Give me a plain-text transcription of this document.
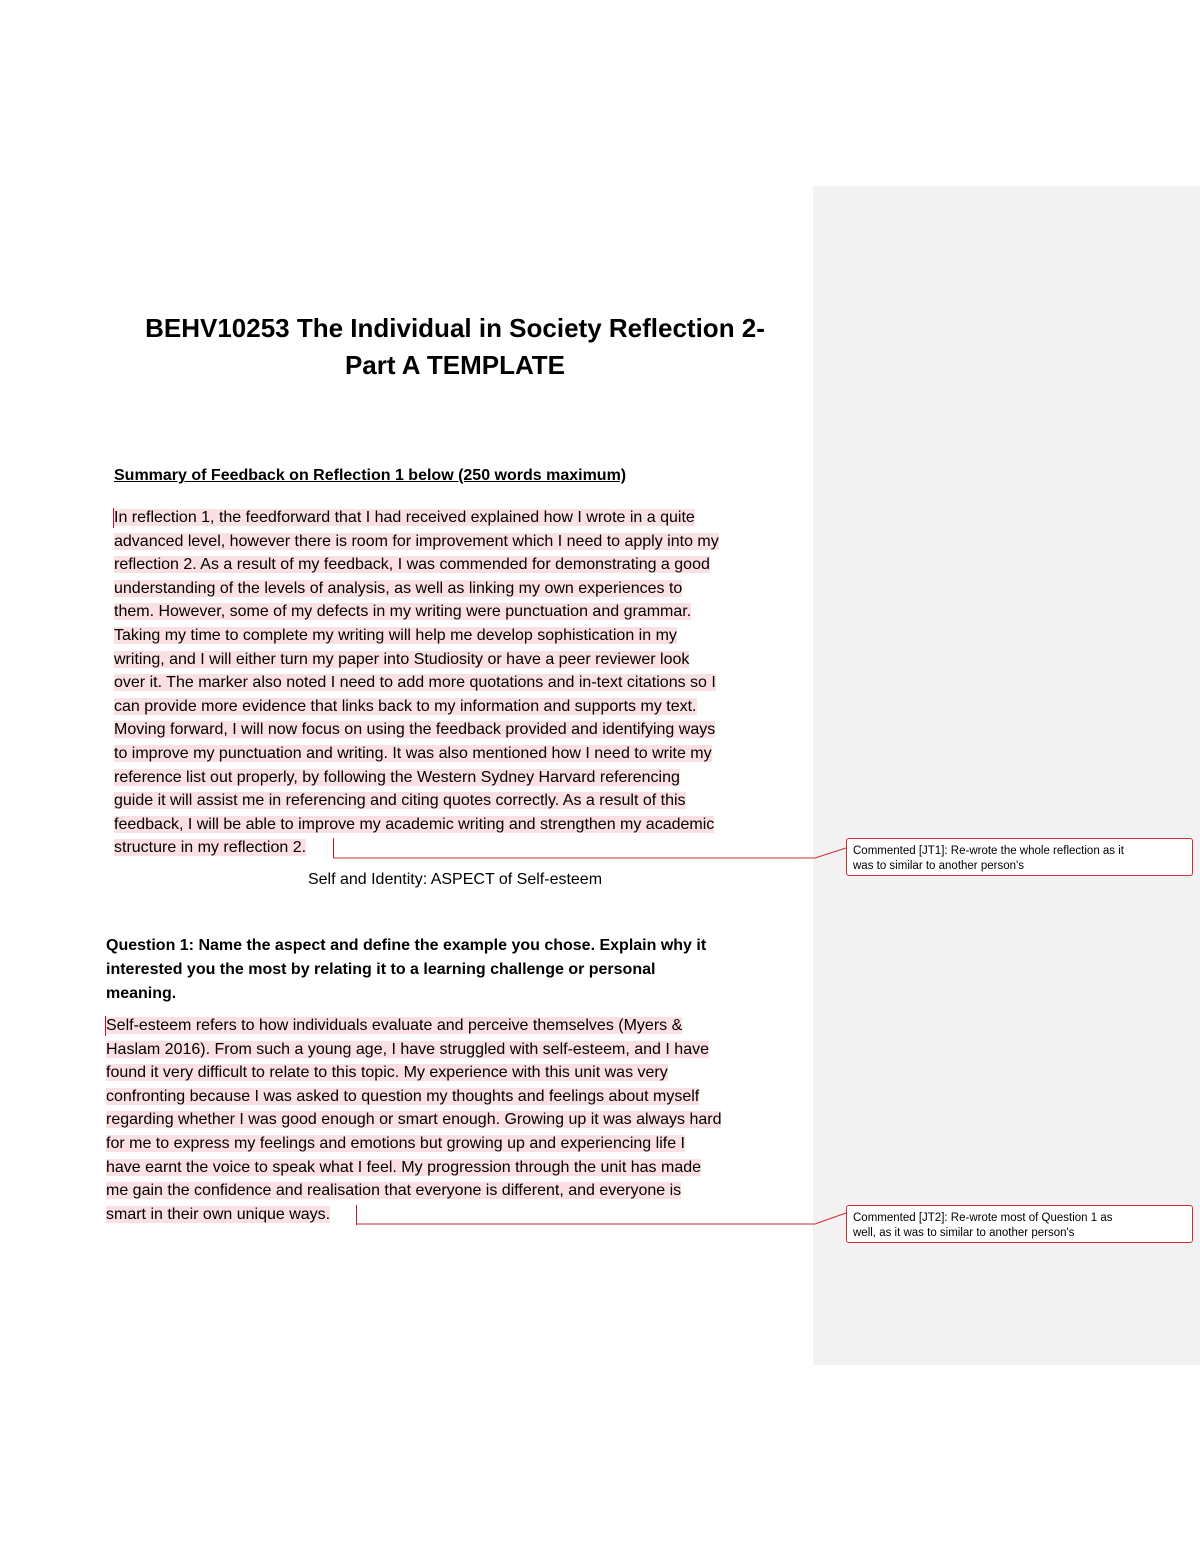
BEHV10253 The Individual in Society Reflection 2-
Part A TEMPLATE

Summary of Feedback on Reflection 1 below (250 words maximum)

In reflection 1, the feedforward that I had received explained how I wrote in a quite
advanced level, however there is room for improvement which I need to apply into my
reflection 2. As a result of my feedback, I was commended for demonstrating a good
understanding of the levels of analysis, as well as linking my own experiences to
them. However, some of my defects in my writing were punctuation and grammar.
Taking my time to complete my writing will help me develop sophistication in my
writing, and I will either turn my paper into Studiosity or have a peer reviewer look
over it. The marker also noted I need to add more quotations and in-text citations so I
can provide more evidence that links back to my information and supports my text.
Moving forward, I will now focus on using the feedback provided and identifying ways
to improve my punctuation and writing. It was also mentioned how I need to write my
reference list out properly, by following the Western Sydney Harvard referencing
guide it will assist me in referencing and citing quotes correctly. As a result of this
feedback, I will be able to improve my academic writing and strengthen my academic
structure in my reflection 2.

Self and Identity: ASPECT of Self-esteem

Question 1: Name the aspect and define the example you chose. Explain why it
interested you the most by relating it to a learning challenge or personal
meaning.
Self-esteem refers to how individuals evaluate and perceive themselves (Myers &
Haslam 2016). From such a young age, I have struggled with self-esteem, and I have
found it very difficult to relate to this topic. My experience with this unit was very
confronting because I was asked to question my thoughts and feelings about myself
regarding whether I was good enough or smart enough. Growing up it was always hard
for me to express my feelings and emotions but growing up and experiencing life I
have earnt the voice to speak what I feel. My progression through the unit has made
me gain the confidence and realisation that everyone is different, and everyone is
smart in their own unique ways.
Commented [JT1]: Re-wrote the whole reflection as it
was to similar to another person's
Commented [JT2]: Re-wrote most of Question 1 as
well, as it was to similar to another person's
